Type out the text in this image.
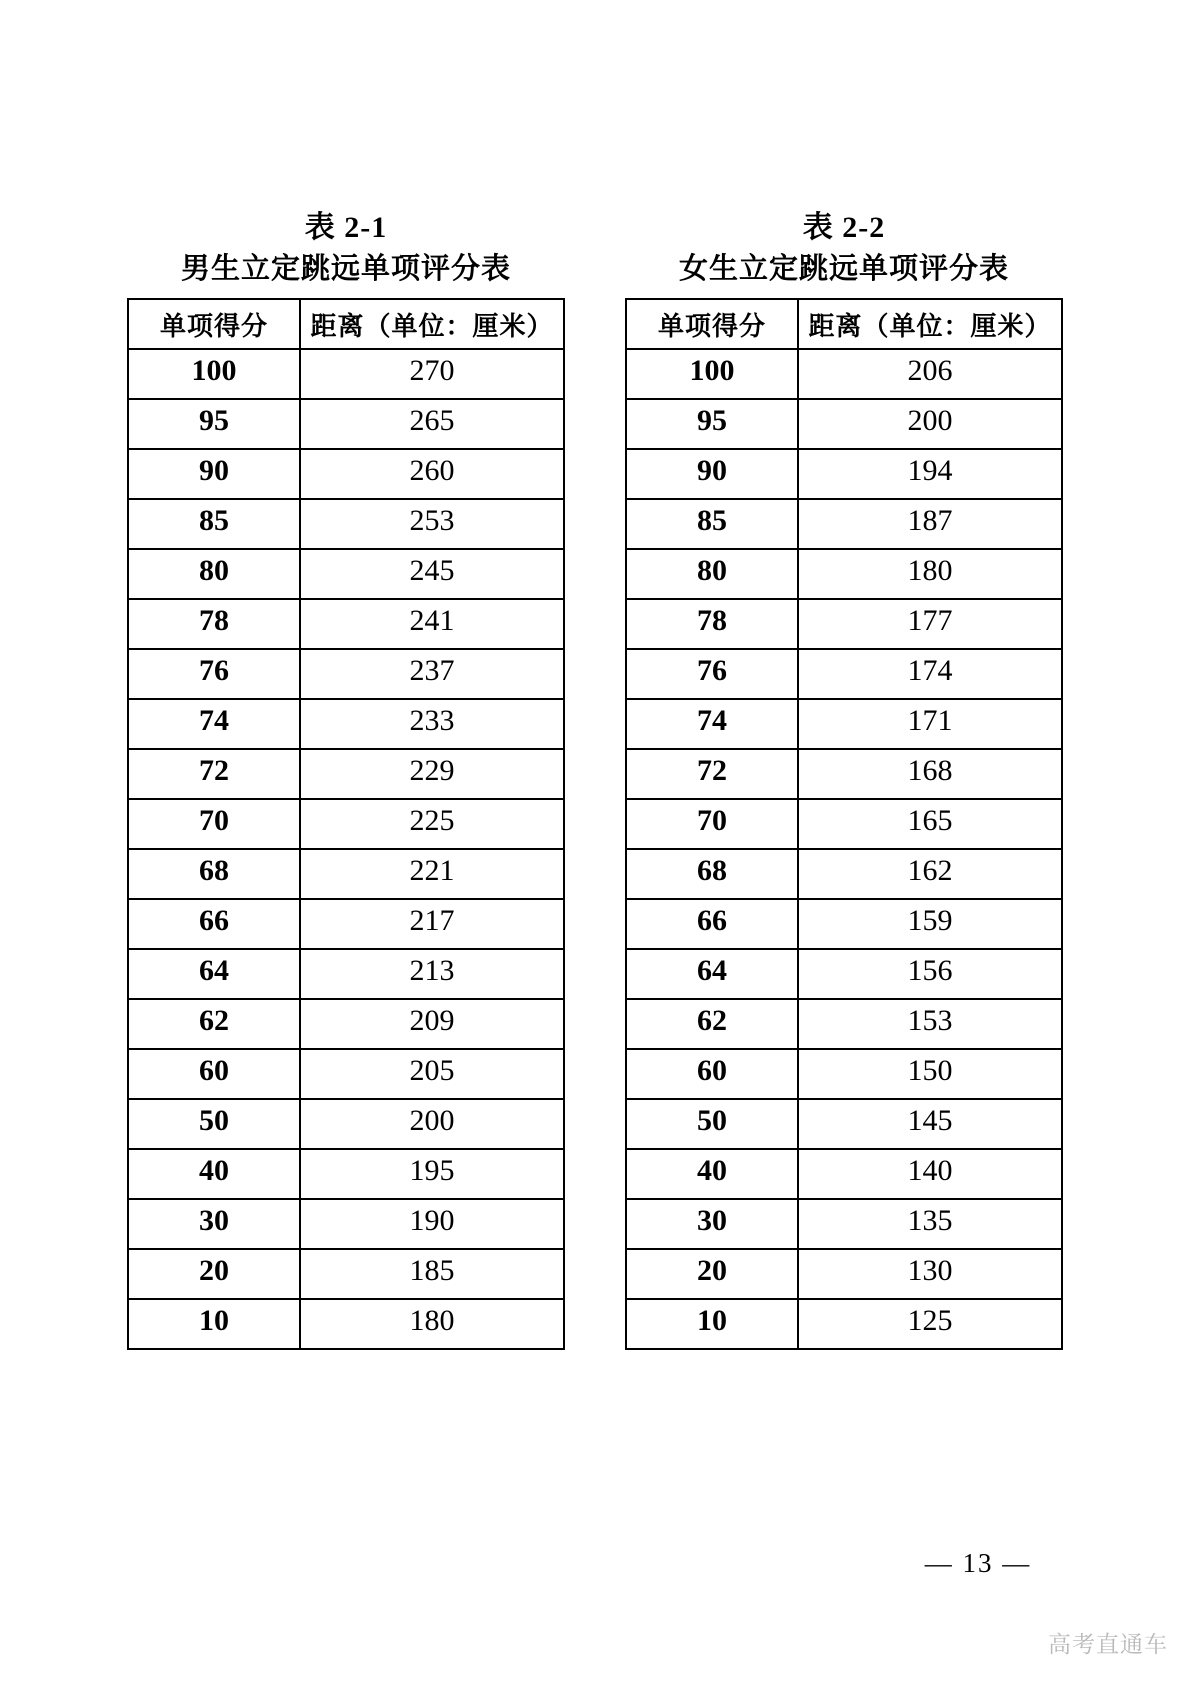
表 2-1
男生立定跳远单项评分表
单项得分	距离（单位：厘米）
100	270
95	265
90	260
85	253
80	245
78	241
76	237
74	233
72	229
70	225
68	221
66	217
64	213
62	209
60	205
50	200
40	195
30	190
20	185
10	180
表 2-2
女生立定跳远单项评分表
单项得分	距离（单位：厘米）
100	206
95	200
90	194
85	187
80	180
78	177
76	174
74	171
72	168
70	165
68	162
66	159
64	156
62	153
60	150
50	145
40	140
30	135
20	130
10	125
— 13 —
高考直通车
